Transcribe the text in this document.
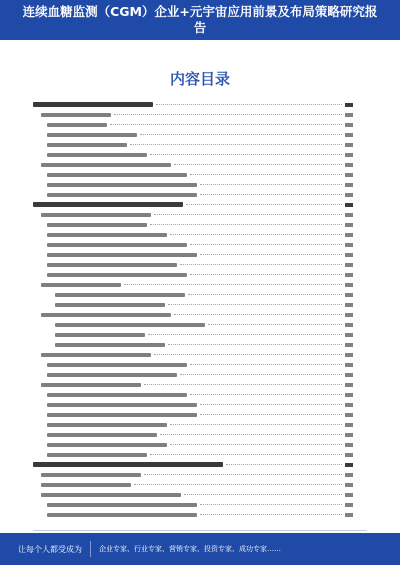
连续血糖监测（CGM）企业+元宇宙应用前景及布局策略研究报告
内容目录
让每个人都受成为 企业专家、行业专家、营销专家、投资专家、成功专家……
